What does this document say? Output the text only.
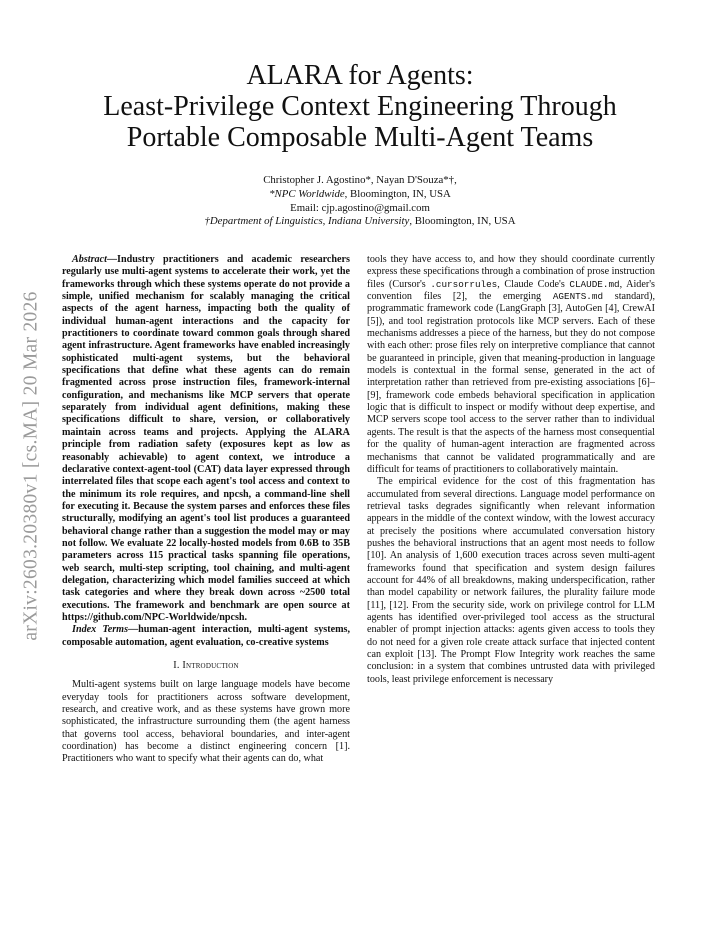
arXiv:2603.20380v1 [cs.MA] 20 Mar 2026
ALARA for Agents:
Least-Privilege Context Engineering Through
Portable Composable Multi-Agent Teams
Christopher J. Agostino*, Nayan D'Souza*†,
*NPC Worldwide, Bloomington, IN, USA
Email: cjp.agostino@gmail.com
†Department of Linguistics, Indiana University, Bloomington, IN, USA

Abstract—Industry practitioners and academic researchers regularly use multi-agent systems to accelerate their work, yet the frameworks through which these systems operate do not provide a simple, unified mechanism for scalably managing the critical aspects of the agent harness, impacting both the quality of individual human-agent interactions and the capacity for practitioners to coordinate toward common goals through shared agent infrastructure. Agent frameworks have enabled increasingly sophisticated multi-agent systems, but the behavioral specifications that define what these agents can do remain fragmented across prose instruction files, framework-internal configuration, and mechanisms like MCP servers that operate separately from individual agent definitions, making these specifications difficult to share, version, or collaboratively maintain across teams and projects. Applying the ALARA principle from radiation safety (exposures kept as low as reasonably achievable) to agent context, we introduce a declarative context-agent-tool (CAT) data layer expressed through interrelated files that scope each agent's tool access and context to the minimum its role requires, and npcsh, a command-line shell for executing it. Because the system parses and enforces these files structurally, modifying an agent's tool list produces a guaranteed behavioral change rather than a suggestion the model may or may not follow. We evaluate 22 locally-hosted models from 0.6B to 35B parameters across 115 practical tasks spanning file operations, web search, multi-step scripting, tool chaining, and multi-agent delegation, characterizing which model families succeed at which task categories and where they break down across ~2500 total executions. The framework and benchmark are open source at https://github.com/NPC-Worldwide/npcsh.

Index Terms—human-agent interaction, multi-agent systems, composable automation, agent evaluation, co-creative systems

I. Introduction

Multi-agent systems built on large language models have become everyday tools for practitioners across software development, research, and creative work, and as these systems have grown more sophisticated, the infrastructure surrounding them (the agent harness that governs tool access, behavioral boundaries, and inter-agent coordination) has become a distinct engineering concern [1]. Practitioners who want to specify what their agents can do, what

tools they have access to, and how they should coordinate currently express these specifications through a combination of prose instruction files (Cursor's .cursorrules, Claude Code's CLAUDE.md, Aider's convention files [2], the emerging AGENTS.md standard), programmatic framework code (LangGraph [3], AutoGen [4], CrewAI [5]), and tool registration protocols like MCP servers. Each of these mechanisms addresses a piece of the harness, but they do not compose with each other: prose files rely on interpretive compliance that cannot be guaranteed in principle, given that meaning-production in language models is contextual in the formal sense, generated in the act of interpretation rather than retrieved from pre-existing associations [6]–[9], framework code embeds behavioral specification in application logic that is difficult to inspect or modify without deep expertise, and MCP servers scope tool access to the server rather than to individual agents. The result is that the aspects of the harness most consequential for the quality of human-agent interaction are fragmented across mechanisms that cannot be validated programmatically and are difficult for teams of practitioners to collaboratively maintain.

The empirical evidence for the cost of this fragmentation has accumulated from several directions. Language model performance on retrieval tasks degrades significantly when relevant information appears in the middle of the context window, with the lowest accuracy at precisely the positions where accumulated conversation history pushes the behavioral instructions that an agent most needs to follow [10]. An analysis of 1,600 execution traces across seven multi-agent frameworks found that specification and system design failures account for 44% of all breakdowns, making underspecification, rather than model capability or network failures, the plurality failure mode [11], [12]. From the security side, work on privilege control for LLM agents has identified over-privileged tool access as the structural enabler of prompt injection attacks: agents given access to tools they do not need for a given role create attack surface that injected content can exploit [13]. The Prompt Flow Integrity work reaches the same conclusion: in a system that combines untrusted data with privileged tools, least privilege enforcement is necessary
